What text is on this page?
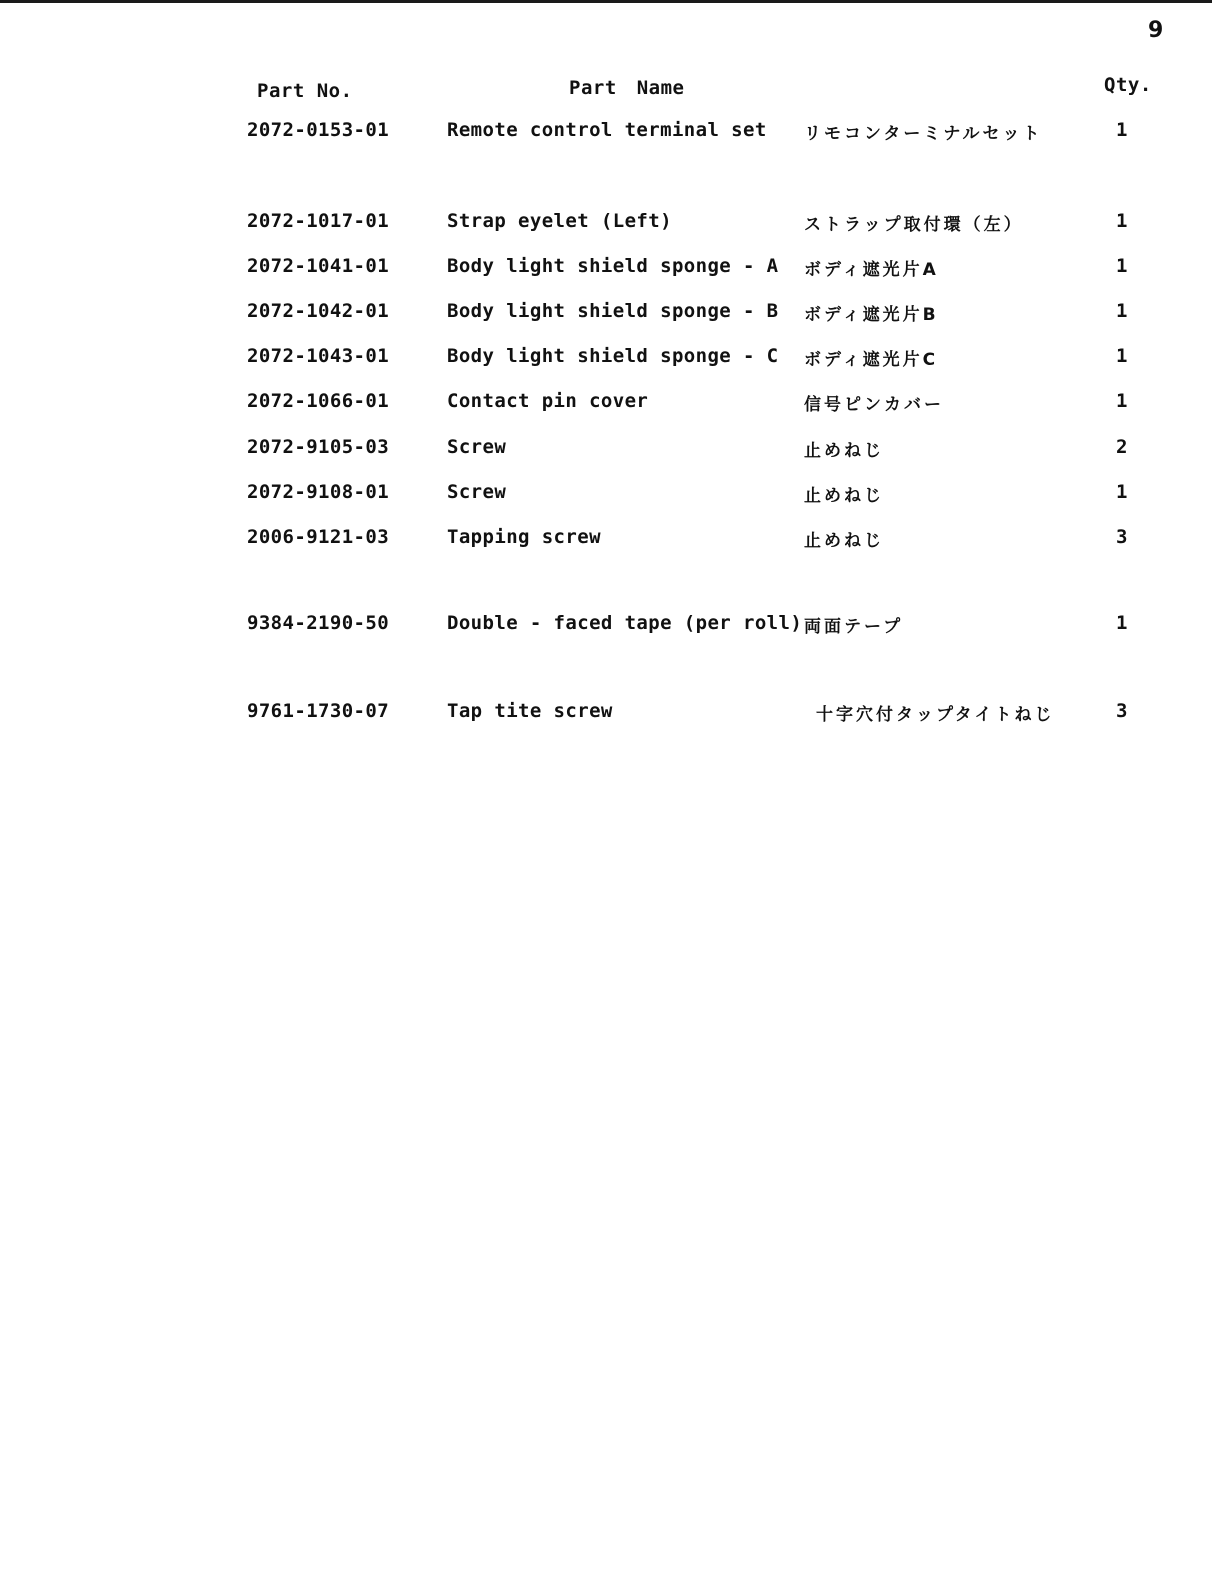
9
Part No.	Part Name	Qty.
2072-0153-01	Remote control terminal set リモコンターミナルセット	1
2072-1017-01	Strap eyelet (Left)	ストラップ取付環（左）	1
2072-1041-01	Body light shield sponge - A ボディ遮光片A	1
2072-1042-01	Body light shield sponge - B ボディ遮光片B	1
2072-1043-01	Body light shield sponge - C ボディ遮光片C	1
2072-1066-01	Contact pin cover	信号ピンカバー	1
2072-9105-03	Screw	止めねじ	2
2072-9108-01	Screw	止めねじ	1
2006-9121-03	Tapping screw	止めねじ	3
9384-2190-50	Double - faced tape (per roll) 両面テープ	1
9761-1730-07	Tap tite screw	十字穴付タップタイトねじ	3
